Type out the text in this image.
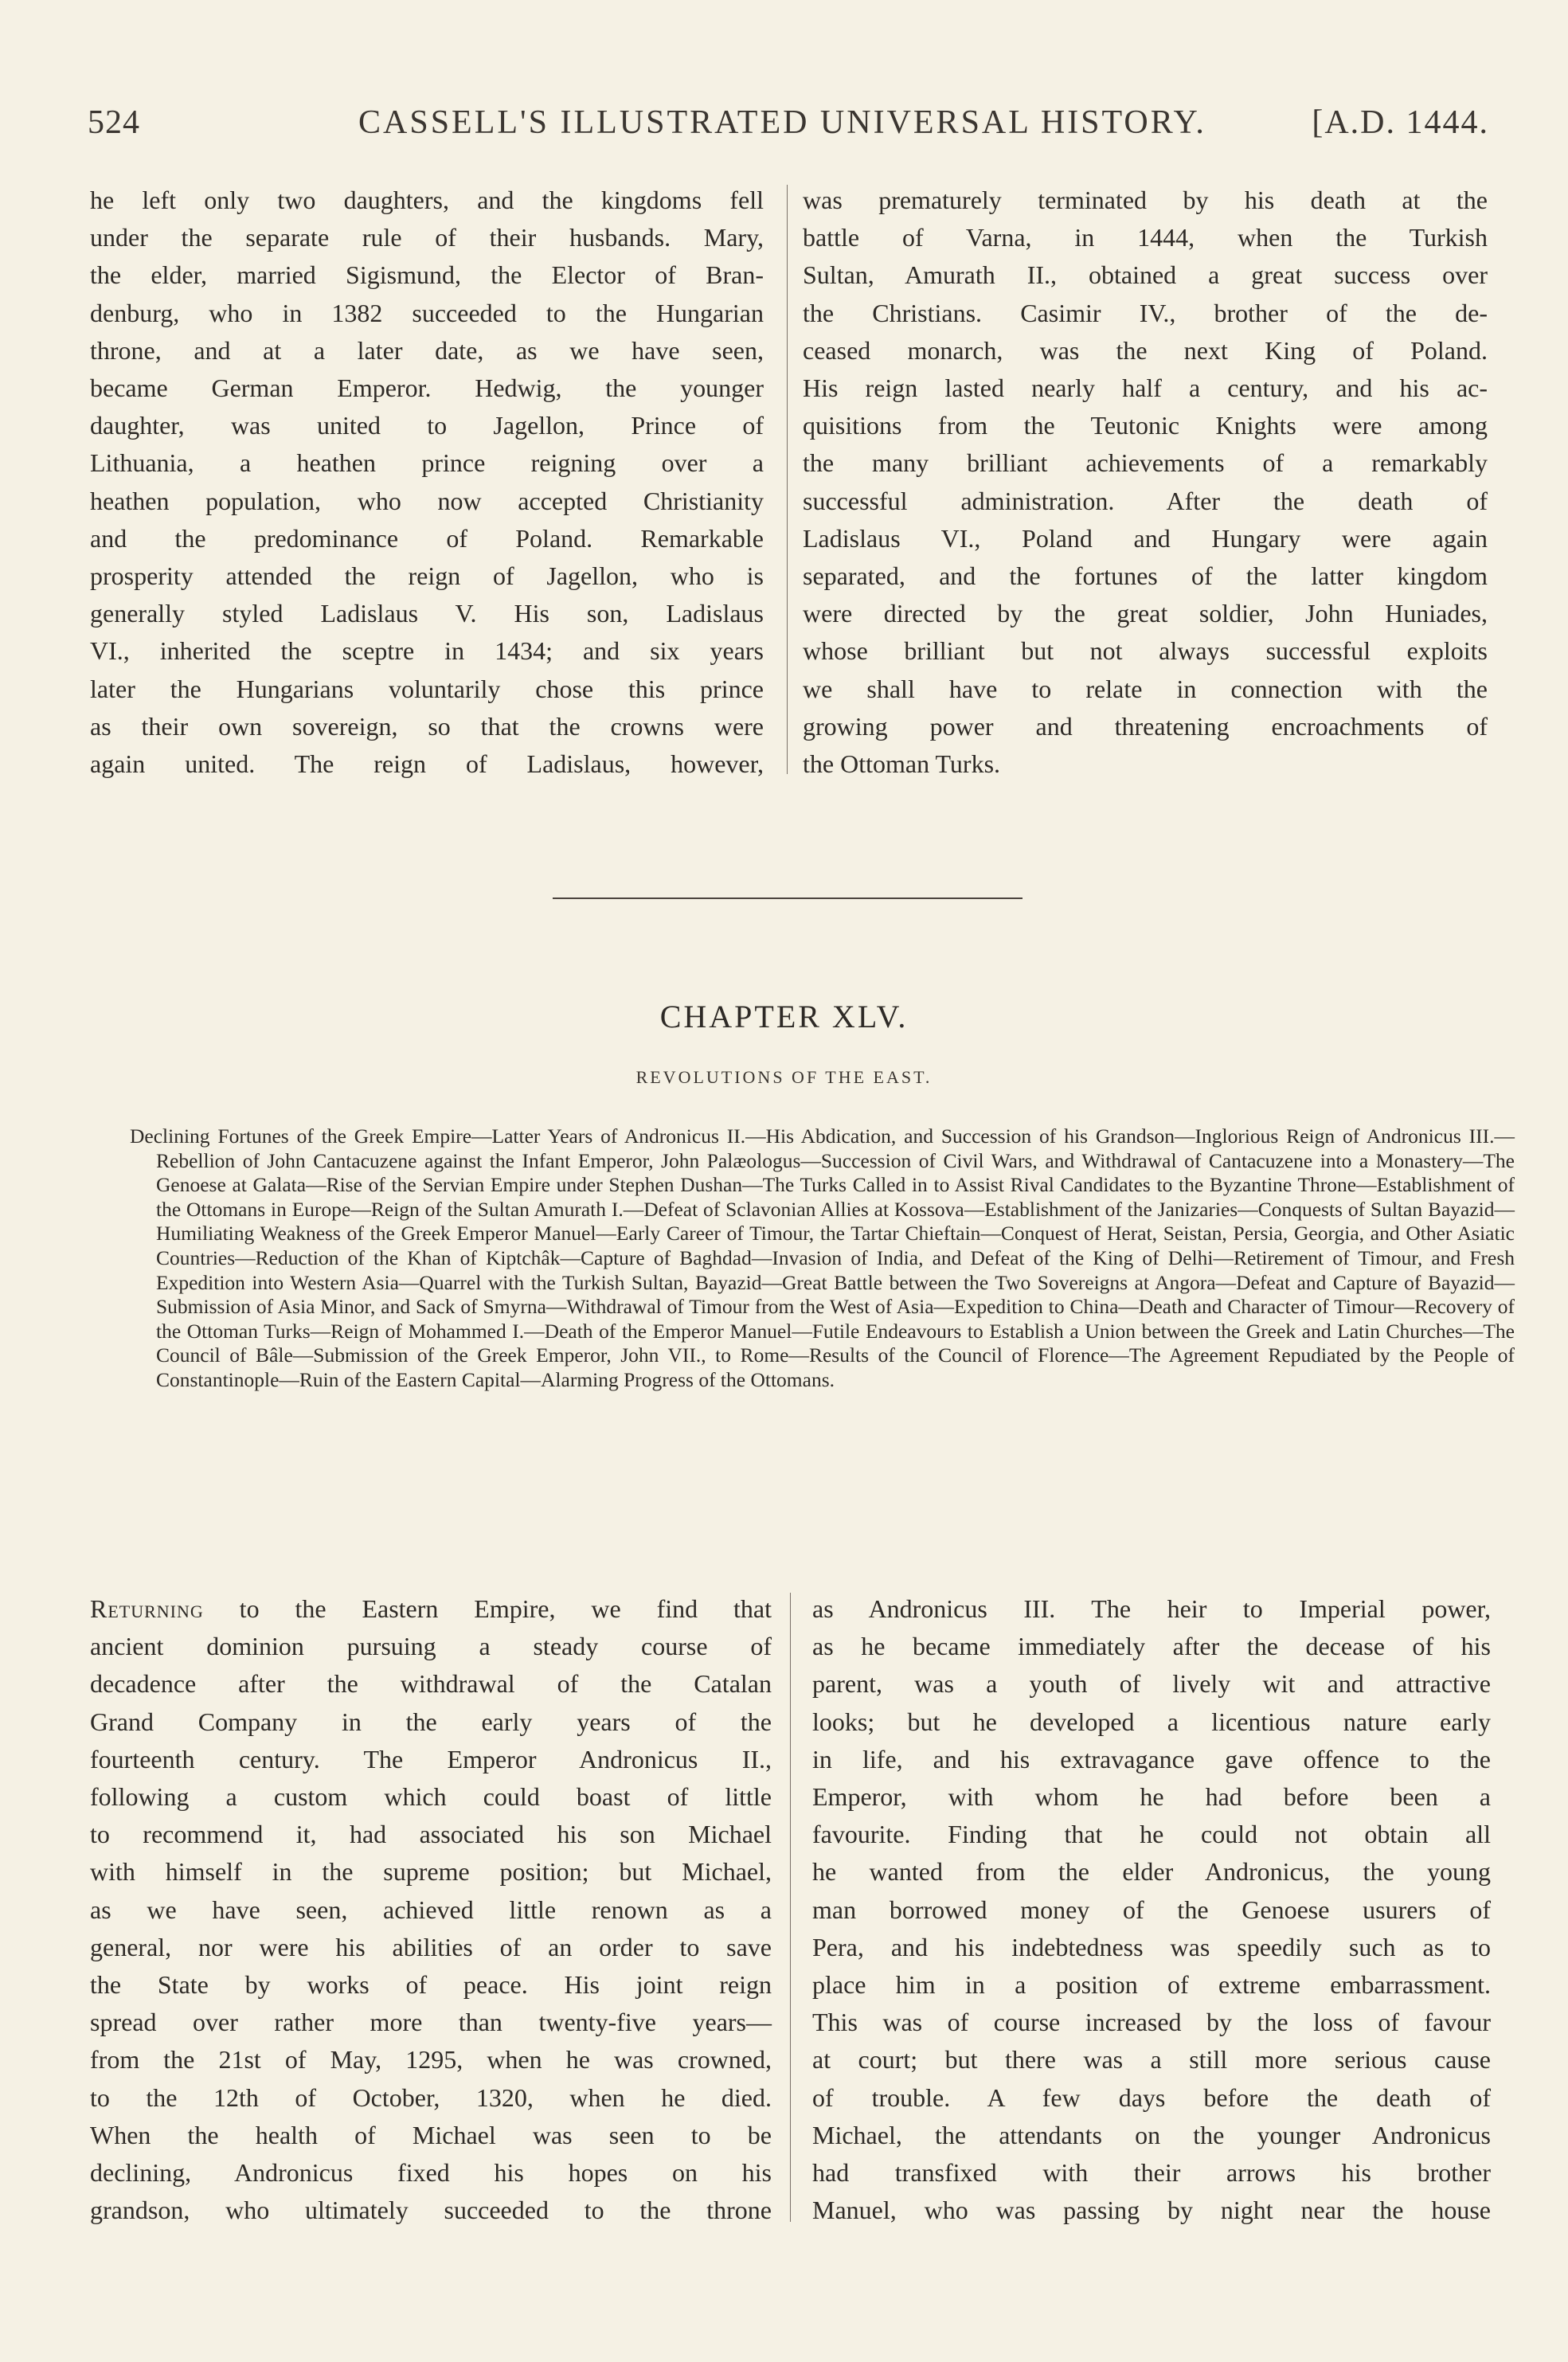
524	CASSELL'S ILLUSTRATED UNIVERSAL HISTORY.	[A.D. 1444.
he left only two daughters, and the kingdoms fell
under the separate rule of their husbands. Mary,
the elder, married Sigismund, the Elector of Bran-
denburg, who in 1382 succeeded to the Hungarian
throne, and at a later date, as we have seen,
became German Emperor. Hedwig, the younger
daughter, was united to Jagellon, Prince of
Lithuania, a heathen prince reigning over a
heathen population, who now accepted Christianity
and the predominance of Poland. Remarkable
prosperity attended the reign of Jagellon, who is
generally styled Ladislaus V. His son, Ladislaus
VI., inherited the sceptre in 1434; and six years
later the Hungarians voluntarily chose this prince
as their own sovereign, so that the crowns were
again united. The reign of Ladislaus, however,
was prematurely terminated by his death at the
battle of Varna, in 1444, when the Turkish
Sultan, Amurath II., obtained a great success over
the Christians. Casimir IV., brother of the de-
ceased monarch, was the next King of Poland.
His reign lasted nearly half a century, and his ac-
quisitions from the Teutonic Knights were among
the many brilliant achievements of a remarkably
successful administration. After the death of
Ladislaus VI., Poland and Hungary were again
separated, and the fortunes of the latter kingdom
were directed by the great soldier, John Huniades,
whose brilliant but not always successful exploits
we shall have to relate in connection with the
growing power and threatening encroachments of
the Ottoman Turks.
CHAPTER XLV.
REVOLUTIONS OF THE EAST.
Declining Fortunes of the Greek Empire—Latter Years of Andronicus II.—His Abdication, and Succession of his Grandson—Inglorious Reign of Andronicus III.—Rebellion of John Cantacuzene against the Infant Emperor, John Palæologus—Succession of Civil Wars, and Withdrawal of Cantacuzene into a Monastery—The Genoese at Galata—Rise of the Servian Empire under Stephen Dushan—The Turks Called in to Assist Rival Candidates to the Byzantine Throne—Establishment of the Ottomans in Europe—Reign of the Sultan Amurath I.—Defeat of Sclavonian Allies at Kossova—Establishment of the Janizaries—Conquests of Sultan Bayazid—Humiliating Weakness of the Greek Emperor Manuel—Early Career of Timour, the Tartar Chieftain—Conquest of Herat, Seistan, Persia, Georgia, and Other Asiatic Countries—Reduction of the Khan of Kiptchâk—Capture of Baghdad—Invasion of India, and Defeat of the King of Delhi—Retirement of Timour, and Fresh Expedition into Western Asia—Quarrel with the Turkish Sultan, Bayazid—Great Battle between the Two Sovereigns at Angora—Defeat and Capture of Bayazid—Submission of Asia Minor, and Sack of Smyrna—Withdrawal of Timour from the West of Asia—Expedition to China—Death and Character of Timour—Recovery of the Ottoman Turks—Reign of Mohammed I.—Death of the Emperor Manuel—Futile Endeavours to Establish a Union between the Greek and Latin Churches—The Council of Bâle—Submission of the Greek Emperor, John VII., to Rome—Results of the Council of Florence—The Agreement Repudiated by the People of Constantinople—Ruin of the Eastern Capital—Alarming Progress of the Ottomans.
Returning to the Eastern Empire, we find that
ancient dominion pursuing a steady course of
decadence after the withdrawal of the Catalan
Grand Company in the early years of the
fourteenth century. The Emperor Andronicus II.,
following a custom which could boast of little
to recommend it, had associated his son Michael
with himself in the supreme position; but Michael,
as we have seen, achieved little renown as a
general, nor were his abilities of an order to save
the State by works of peace. His joint reign
spread over rather more than twenty-five years—
from the 21st of May, 1295, when he was crowned,
to the 12th of October, 1320, when he died.
When the health of Michael was seen to be
declining, Andronicus fixed his hopes on his
grandson, who ultimately succeeded to the throne
as Andronicus III. The heir to Imperial power,
as he became immediately after the decease of his
parent, was a youth of lively wit and attractive
looks; but he developed a licentious nature early
in life, and his extravagance gave offence to the
Emperor, with whom he had before been a
favourite. Finding that he could not obtain all
he wanted from the elder Andronicus, the young
man borrowed money of the Genoese usurers of
Pera, and his indebtedness was speedily such as to
place him in a position of extreme embarrassment.
This was of course increased by the loss of favour
at court; but there was a still more serious cause
of trouble. A few days before the death of
Michael, the attendants on the younger Andronicus
had transfixed with their arrows his brother
Manuel, who was passing by night near the house
